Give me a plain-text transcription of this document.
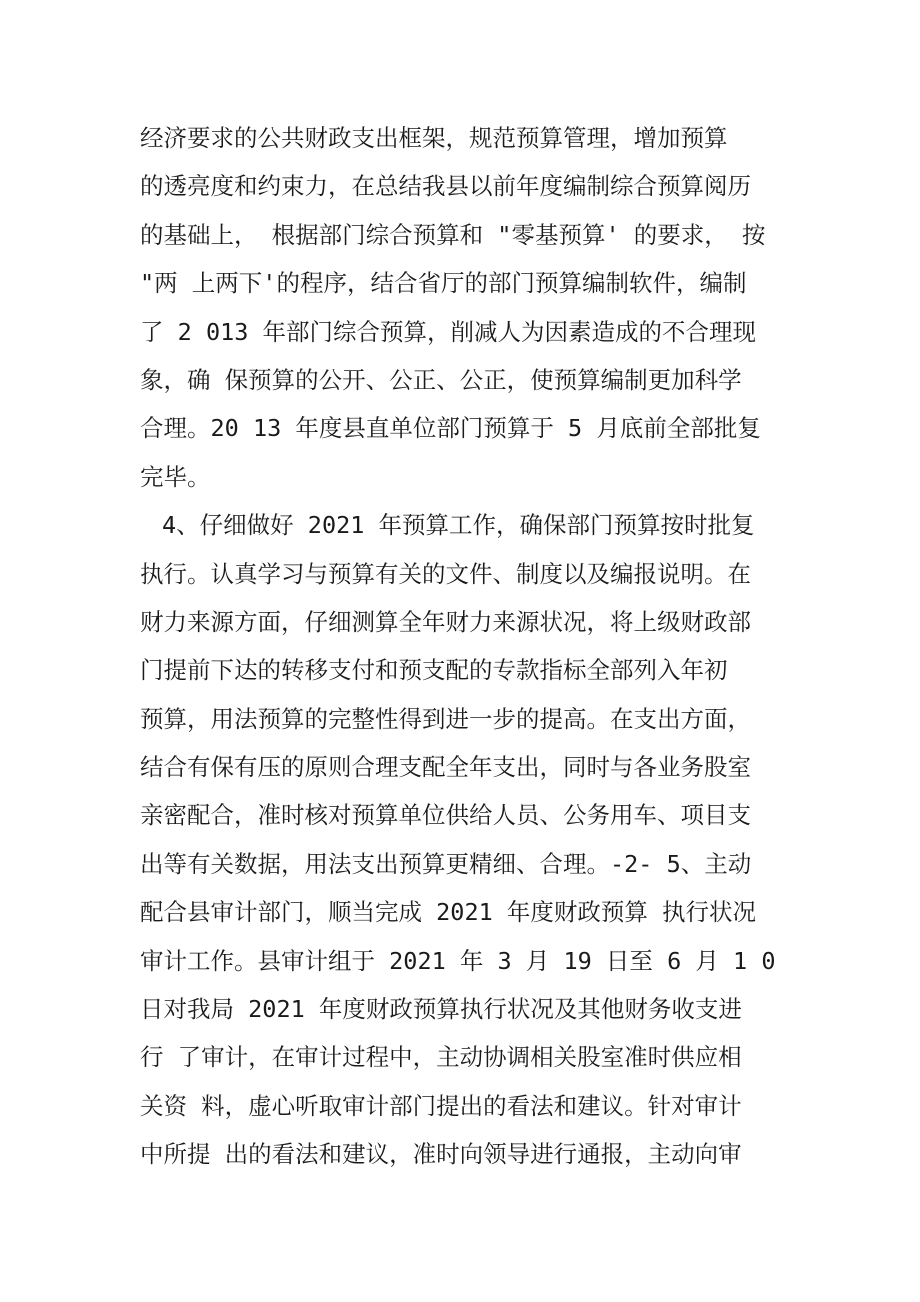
经济要求的公共财政支出框架，规范预算管理，增加预算
的透亮度和约束力，在总结我县以前年度编制综合预算阅历
的基础上， 根据部门综合预算和 "零基预算' 的要求， 按
"两 上两下'的程序，结合省厅的部门预算编制软件，编制
了 2 013 年部门综合预算，削减人为因素造成的不合理现
象，确 保预算的公开、公正、公正，使预算编制更加科学
合理。20 13 年度县直单位部门预算于 5 月底前全部批复
完毕。
4、仔细做好 2021 年预算工作，确保部门预算按时批复
执行。认真学习与预算有关的文件、制度以及编报说明。在
财力来源方面，仔细测算全年财力来源状况，将上级财政部
门提前下达的转移支付和预支配的专款指标全部列入年初
预算，用法预算的完整性得到进一步的提高。在支出方面，
结合有保有压的原则合理支配全年支出，同时与各业务股室
亲密配合，准时核对预算单位供给人员、公务用车、项目支
出等有关数据，用法支出预算更精细、合理。-2- 5、主动
配合县审计部门，顺当完成 2021 年度财政预算 执行状况
审计工作。县审计组于 2021 年 3 月 19 日至 6 月 1 0
日对我局 2021 年度财政预算执行状况及其他财务收支进
行 了审计，在审计过程中，主动协调相关股室准时供应相
关资 料，虚心听取审计部门提出的看法和建议。针对审计
中所提 出的看法和建议，准时向领导进行通报，主动向审
